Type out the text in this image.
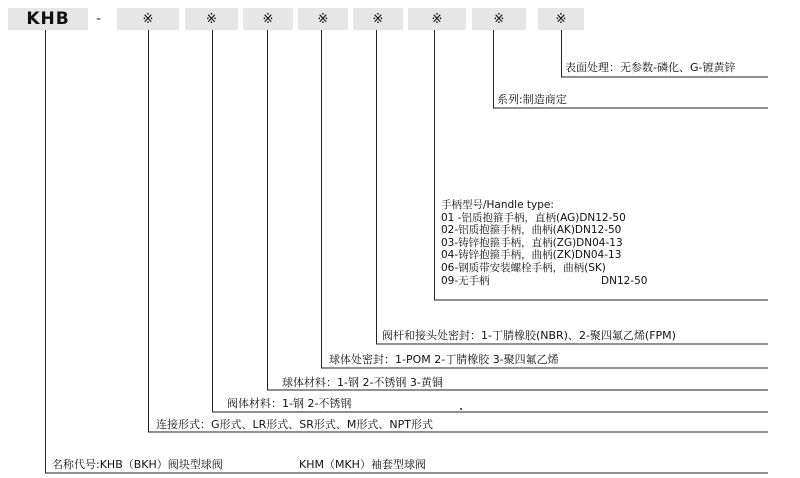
KHB -	※	※	※	※	※	※	※	※
表面处理：无参数-磷化、G-镀黄锌
系列:制造商定
手柄型号/Handle type:
01 -铝质抱箍手柄，直柄(AG)DN12-50
02-铝质抱箍手柄，曲柄(AK)DN12-50
03-铸锌抱箍手柄，直柄(ZG)DN04-13
04-铸锌抱箍手柄，曲柄(ZK)DN04-13
06-钢质带安装螺栓手柄，曲柄(SK)
09-无手柄	DN12-50
阀杆和接头处密封：1-丁腈橡胶(NBR)、2-聚四氟乙烯(FPM)
球体处密封：1-POM 2-丁腈橡胶 3-聚四氟乙烯
球体材料：1-钢 2-不锈钢 3-黄铜
阀体材料：1-钢 2-不锈钢
连接形式：G形式、LR形式、SR形式、M形式、NPT形式
名称代号:KHB（BKH）阀块型球阀	KHM（MKH）袖套型球阀
